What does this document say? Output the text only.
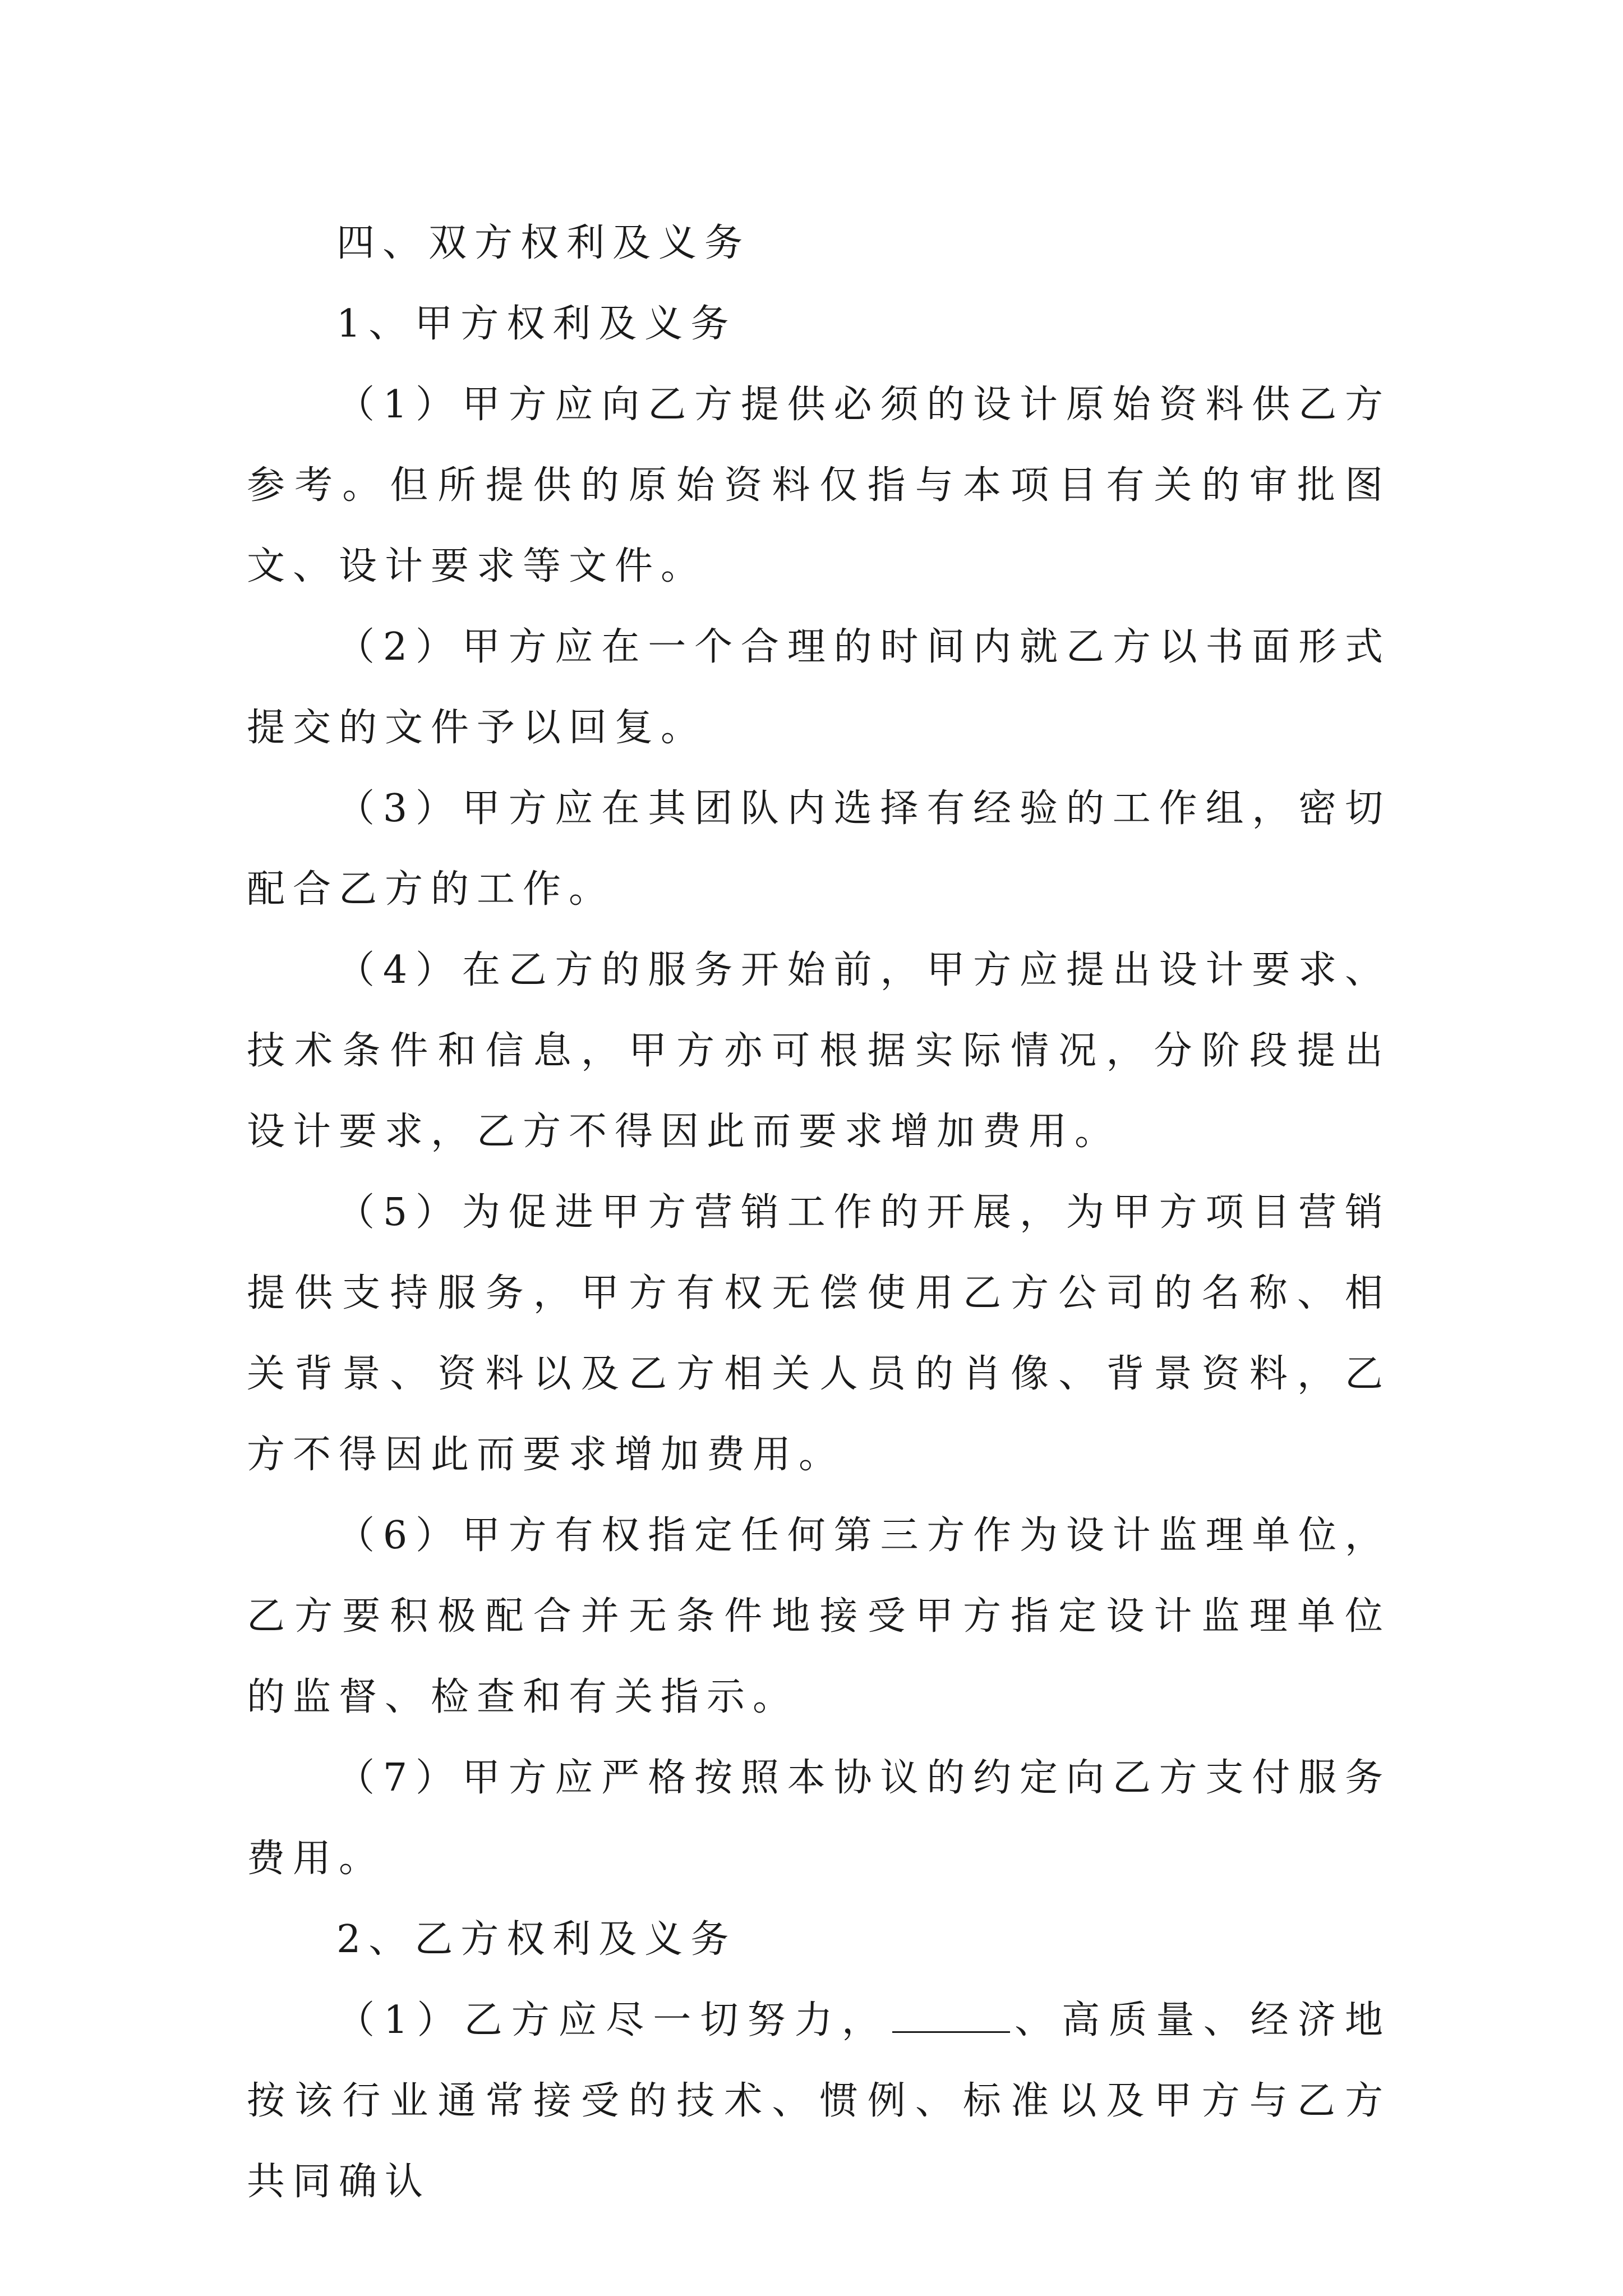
四、双方权利及义务

1、甲方权利及义务

（1）甲方应向乙方提供必须的设计原始资料供乙方参考。但所提供的原始资料仅指与本项目有关的审批图文、设计要求等文件。

（2）甲方应在一个合理的时间内就乙方以书面形式提交的文件予以回复。

（3）甲方应在其团队内选择有经验的工作组，密切配合乙方的工作。

（4）在乙方的服务开始前，甲方应提出设计要求、技术条件和信息，甲方亦可根据实际情况，分阶段提出设计要求，乙方不得因此而要求增加费用。

（5）为促进甲方营销工作的开展，为甲方项目营销提供支持服务，甲方有权无偿使用乙方公司的名称、相关背景、资料以及乙方相关人员的肖像、背景资料，乙方不得因此而要求增加费用。

（6）甲方有权指定任何第三方作为设计监理单位，乙方要积极配合并无条件地接受甲方指定设计监理单位的监督、检查和有关指示。

（7）甲方应严格按照本协议的约定向乙方支付服务费用。

2、乙方权利及义务

（1）乙方应尽一切努力，	、高质量、经济地按该行业通常接受的技术、惯例、标准以及甲方与乙方共同确认
